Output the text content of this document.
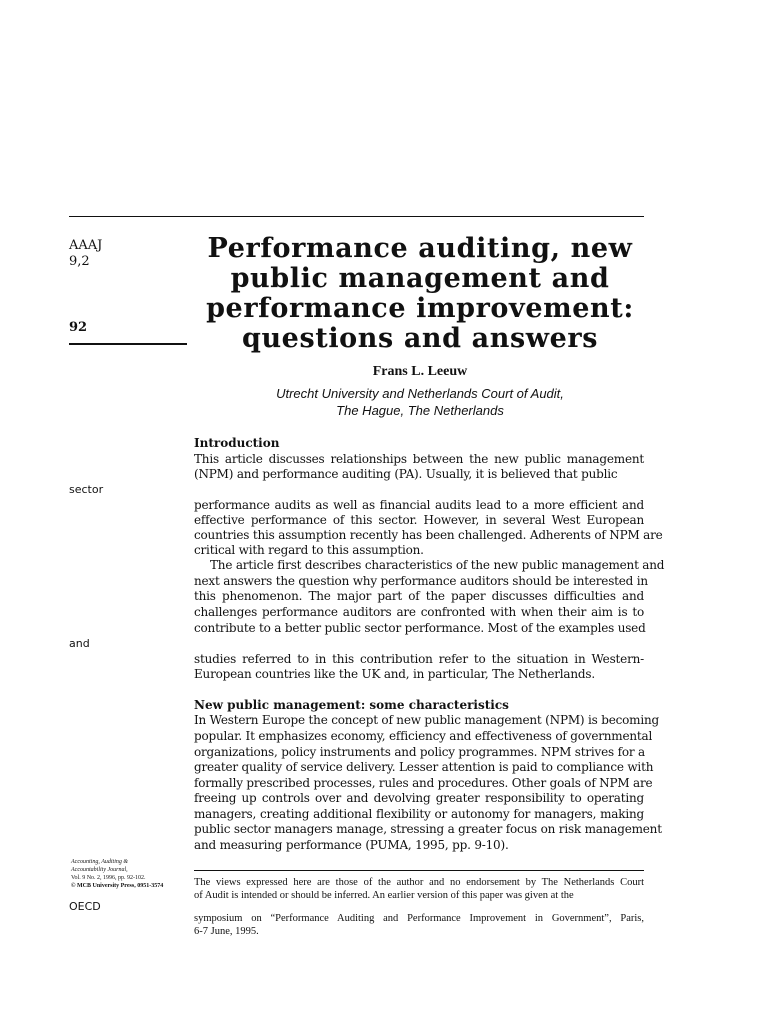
AAAJ
9,2
92
sector
and
OECD
Accounting, Auditing &
Accountability Journal,
Vol. 9 No. 2, 1996, pp. 92-102.
© MCB University Press, 0951-3574
Performance auditing, new
public management and
performance improvement:
questions and answers
Frans L. Leeuw
Utrecht University and Netherlands Court of Audit,
The Hague, The Netherlands
Introduction
This article discusses relationships between the new public management
(NPM) and performance auditing (PA). Usually, it is believed that public
performance audits as well as financial audits lead to a more efficient and
effective performance of this sector. However, in several West European
countries this assumption recently has been challenged. Adherents of NPM are
critical with regard to this assumption.
The article first describes characteristics of the new public management and
next answers the question why performance auditors should be interested in
this phenomenon. The major part of the paper discusses difficulties and
challenges performance auditors are confronted with when their aim is to
contribute to a better public sector performance. Most of the examples used
studies referred to in this contribution refer to the situation in Western-
European countries like the UK and, in particular, The Netherlands.
New public management: some characteristics
In Western Europe the concept of new public management (NPM) is becoming
popular. It emphasizes economy, efficiency and effectiveness of governmental
organizations, policy instruments and policy programmes. NPM strives for a
greater quality of service delivery. Lesser attention is paid to compliance with
formally prescribed processes, rules and procedures. Other goals of NPM are
freeing up controls over and devolving greater responsibility to operating
managers, creating additional flexibility or autonomy for managers, making
public sector managers manage, stressing a greater focus on risk management
and measuring performance (PUMA, 1995, pp. 9-10).
The views expressed here are those of the author and no endorsement by The Netherlands Court
of Audit is intended or should be inferred. An earlier version of this paper was given at the
symposium on “Performance Auditing and Performance Improvement in Government”, Paris,
6-7 June, 1995.
